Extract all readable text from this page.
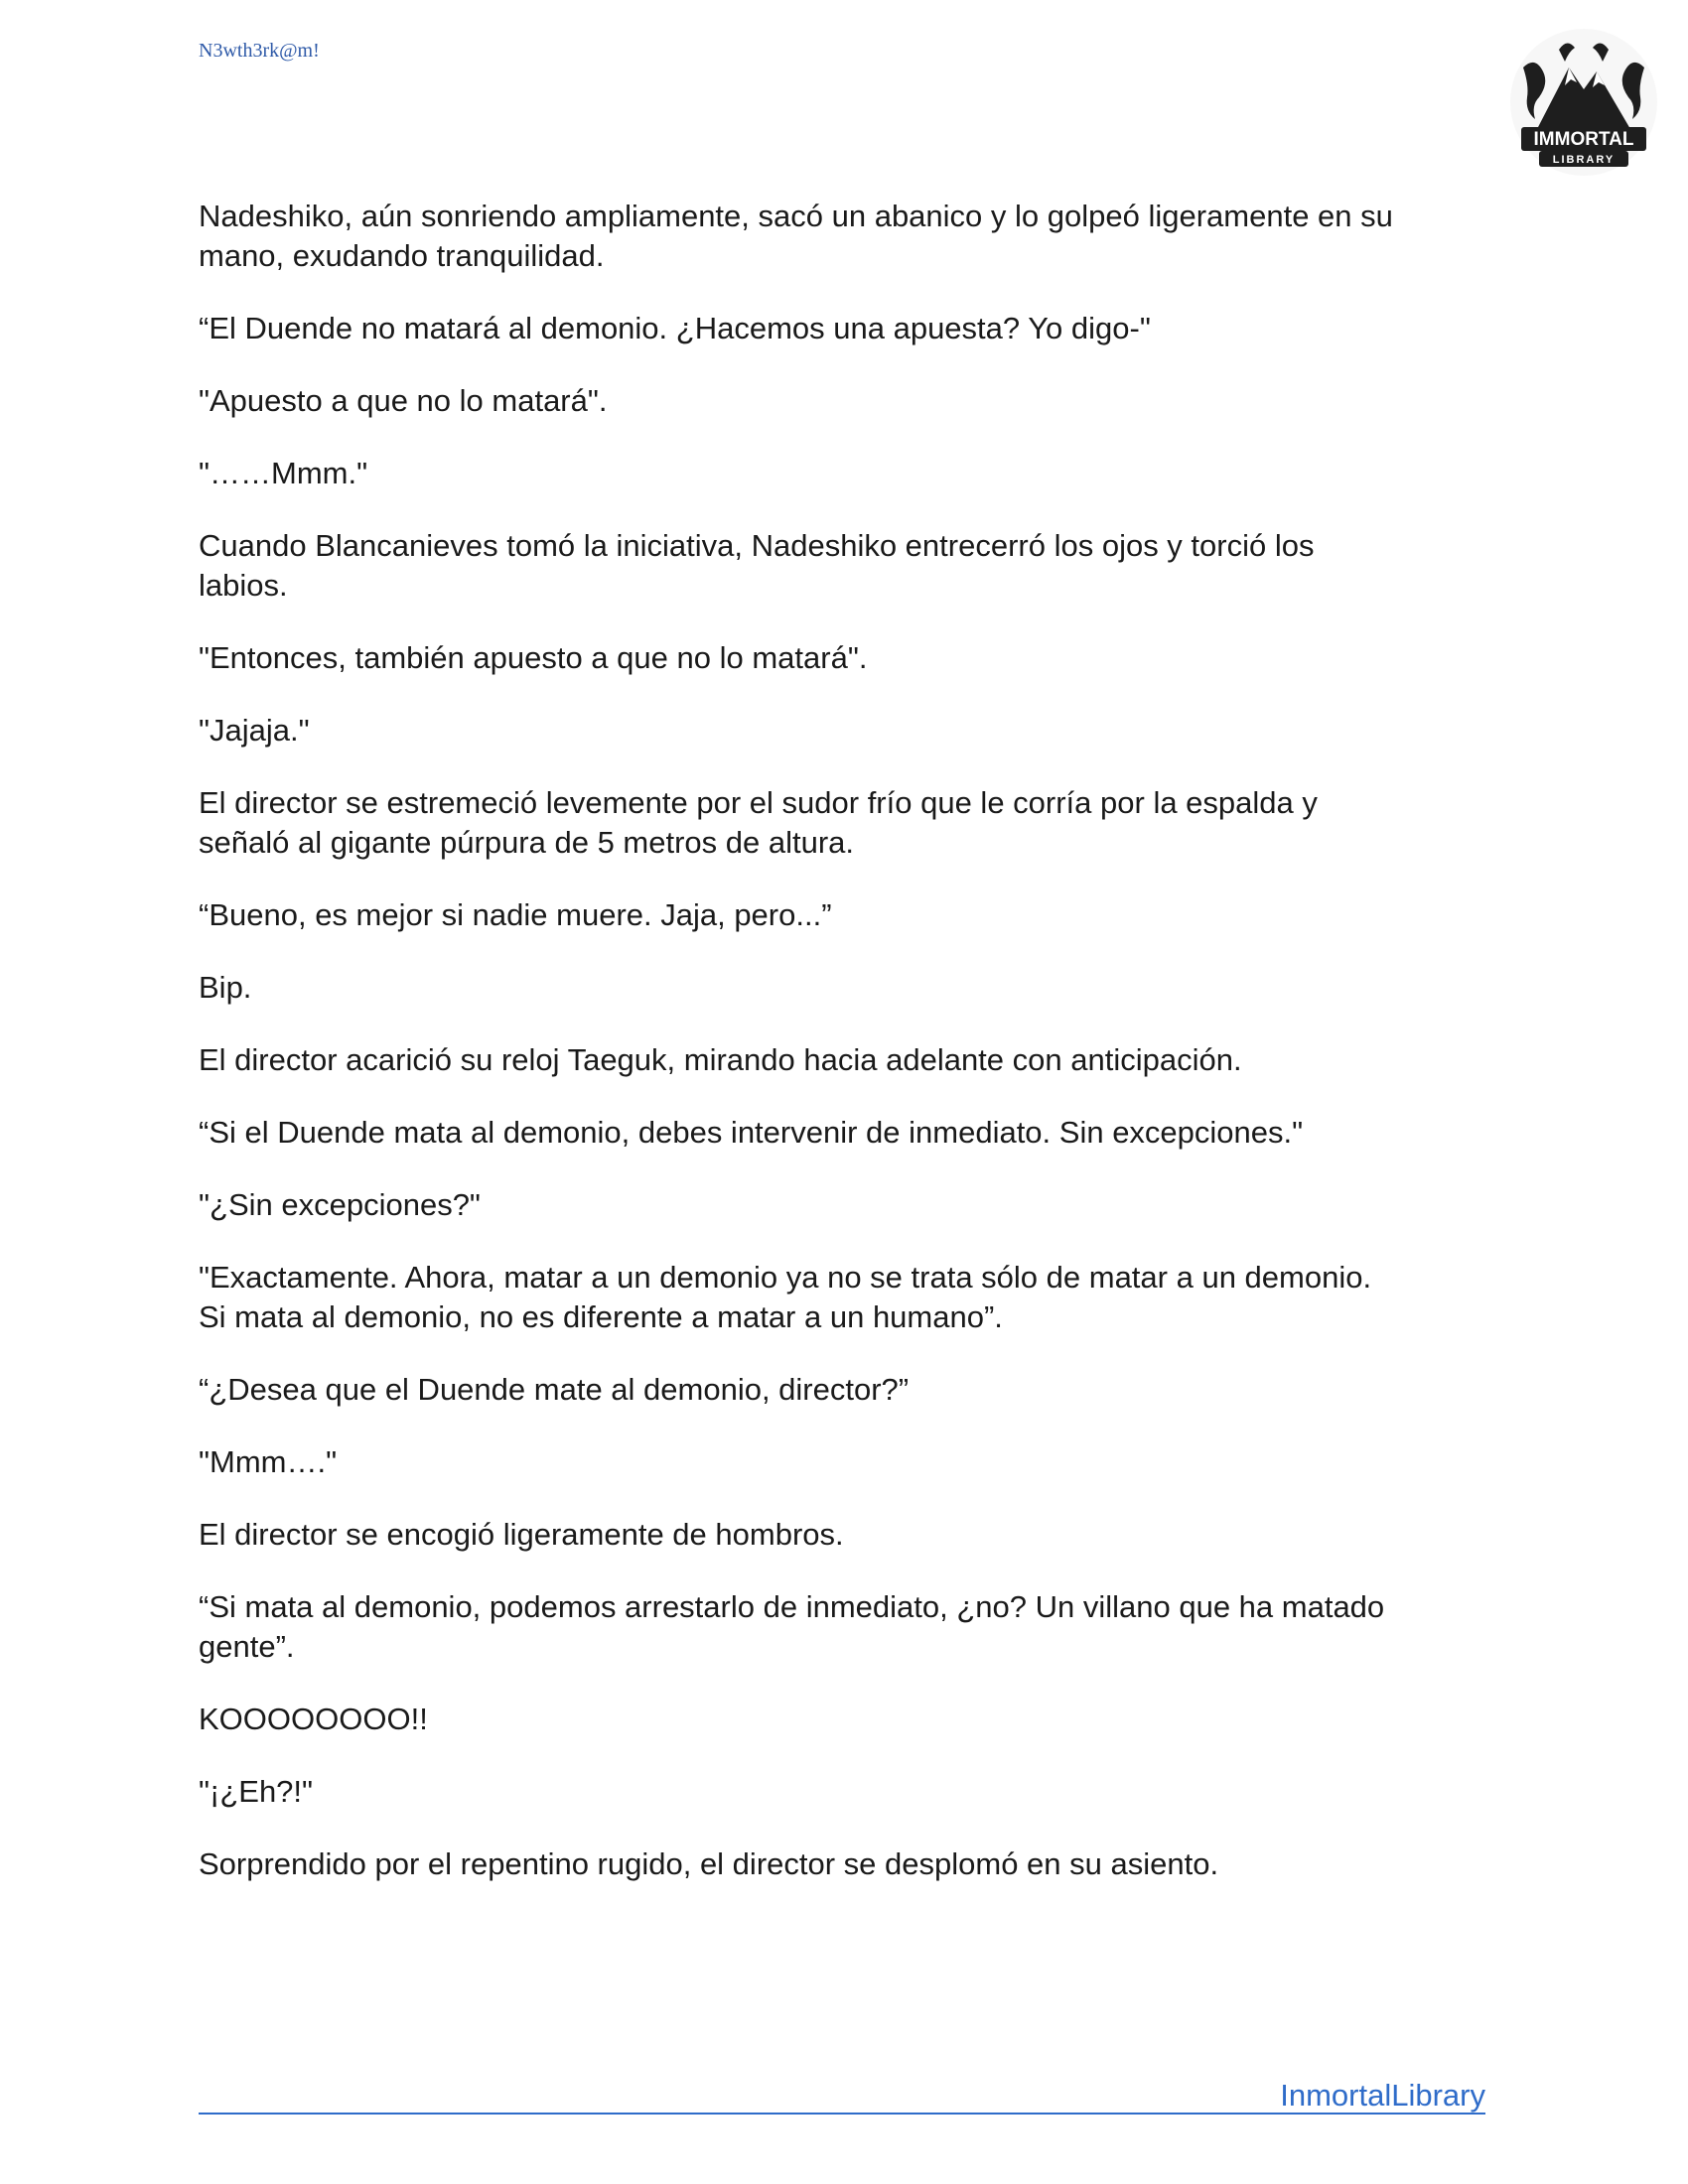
N3wth3rk@m!
IMMORTAL
LIBRARY

Nadeshiko, aún sonriendo ampliamente, sacó un abanico y lo golpeó ligeramente en su
mano, exudando tranquilidad.

“El Duende no matará al demonio. ¿Hacemos una apuesta? Yo digo-"

"Apuesto a que no lo matará".

"……Mmm."

Cuando Blancanieves tomó la iniciativa, Nadeshiko entrecerró los ojos y torció los
labios.

"Entonces, también apuesto a que no lo matará".

"Jajaja."

El director se estremeció levemente por el sudor frío que le corría por la espalda y
señaló al gigante púrpura de 5 metros de altura.

“Bueno, es mejor si nadie muere. Jaja, pero...”

Bip.

El director acarició su reloj Taeguk, mirando hacia adelante con anticipación.

“Si el Duende mata al demonio, debes intervenir de inmediato. Sin excepciones."

"¿Sin excepciones?"

"Exactamente. Ahora, matar a un demonio ya no se trata sólo de matar a un demonio.
Si mata al demonio, no es diferente a matar a un humano”.

“¿Desea que el Duende mate al demonio, director?”

"Mmm…."

El director se encogió ligeramente de hombros.

“Si mata al demonio, podemos arrestarlo de inmediato, ¿no? Un villano que ha matado
gente”.

KOOOOOOOO!!

"¡¿Eh?!"

Sorprendido por el repentino rugido, el director se desplomó en su asiento.

InmortalLibrary
